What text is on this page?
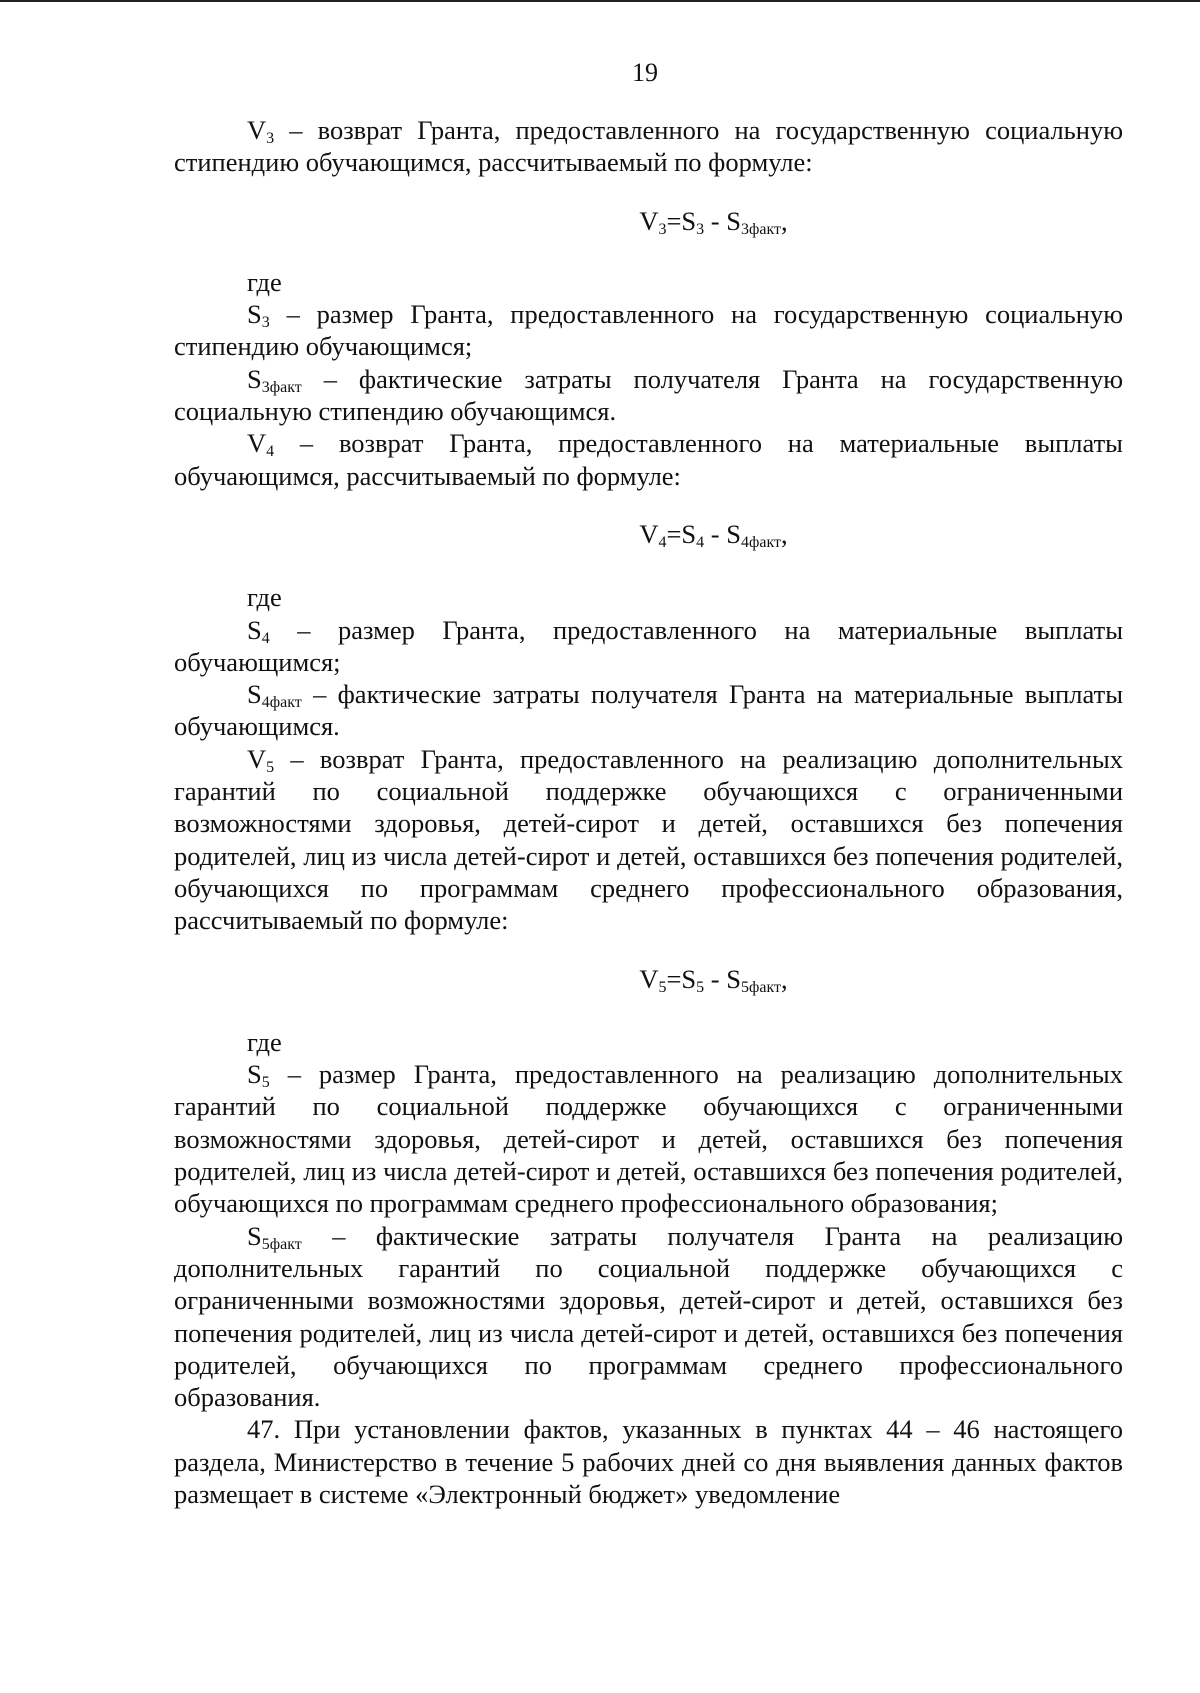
19

$V_3$ – возврат Гранта, предоставленного на государственную социальную стипендию обучающимся, рассчитываемый по формуле:

$V_3=S_3 - S_{3факт}$,

где

$S_3$ – размер Гранта, предоставленного на государственную социальную стипендию обучающимся;

$S_{3факт}$ – фактические затраты получателя Гранта на государственную социальную стипендию обучающимся.

$V_4$ – возврат Гранта, предоставленного на материальные выплаты обучающимся, рассчитываемый по формуле:

$V_4=S_4 - S_{4факт}$,

где

$S_4$ – размер Гранта, предоставленного на материальные выплаты обучающимся;

$S_{4факт}$ – фактические затраты получателя Гранта на материальные выплаты обучающимся.

$V_5$ – возврат Гранта, предоставленного на реализацию дополнительных гарантий по социальной поддержке обучающихся с ограниченными возможностями здоровья, детей-сирот и детей, оставшихся без попечения родителей, лиц из числа детей-сирот и детей, оставшихся без попечения родителей, обучающихся по программам среднего профессионального образования, рассчитываемый по формуле:

$V_5=S_5 - S_{5факт}$,

где

$S_5$ – размер Гранта, предоставленного на реализацию дополнительных гарантий по социальной поддержке обучающихся с ограниченными возможностями здоровья, детей-сирот и детей, оставшихся без попечения родителей, лиц из числа детей-сирот и детей, оставшихся без попечения родителей, обучающихся по программам среднего профессионального образования;

$S_{5факт}$ – фактические затраты получателя Гранта на реализацию дополнительных гарантий по социальной поддержке обучающихся с ограниченными возможностями здоровья, детей-сирот и детей, оставшихся без попечения родителей, лиц из числа детей-сирот и детей, оставшихся без попечения родителей, обучающихся по программам среднего профессионального образования.

47. При установлении фактов, указанных в пунктах 44 – 46 настоящего раздела, Министерство в течение 5 рабочих дней со дня выявления данных фактов размещает в системе «Электронный бюджет» уведомление
